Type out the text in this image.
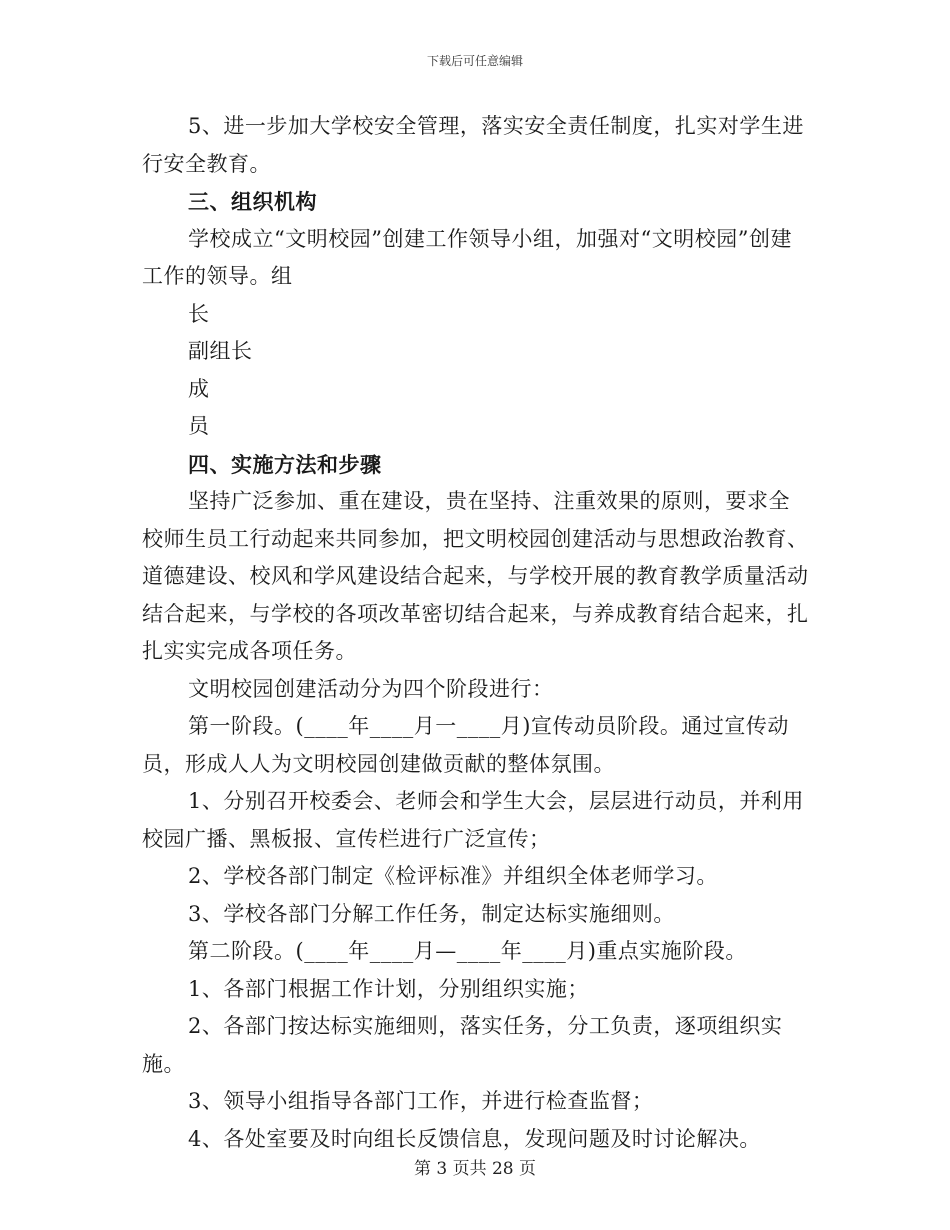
下载后可任意编辑

5、进一步加大学校安全管理，落实安全责任制度，扎实对学生进行安全教育。

三、组织机构

学校成立“文明校园”创建工作领导小组，加强对“文明校园”创建工作的领导。组

长

副组长

成

员

四、实施方法和步骤

坚持广泛参加、重在建设，贵在坚持、注重效果的原则，要求全校师生员工行动起来共同参加，把文明校园创建活动与思想政治教育、道德建设、校风和学风建设结合起来，与学校开展的教育教学质量活动结合起来，与学校的各项改革密切结合起来，与养成教育结合起来，扎扎实实完成各项任务。

文明校园创建活动分为四个阶段进行：

第一阶段。(____年____月一____月)宣传动员阶段。通过宣传动员，形成人人为文明校园创建做贡献的整体氛围。

1、分别召开校委会、老师会和学生大会，层层进行动员，并利用校园广播、黑板报、宣传栏进行广泛宣传；

2、学校各部门制定《检评标准》并组织全体老师学习。

3、学校各部门分解工作任务，制定达标实施细则。

第二阶段。(____年____月—____年____月)重点实施阶段。

1、各部门根据工作计划，分别组织实施；

2、各部门按达标实施细则，落实任务，分工负责，逐项组织实施。

3、领导小组指导各部门工作，并进行检查监督；

4、各处室要及时向组长反馈信息，发现问题及时讨论解决。

第 3 页共 28 页
